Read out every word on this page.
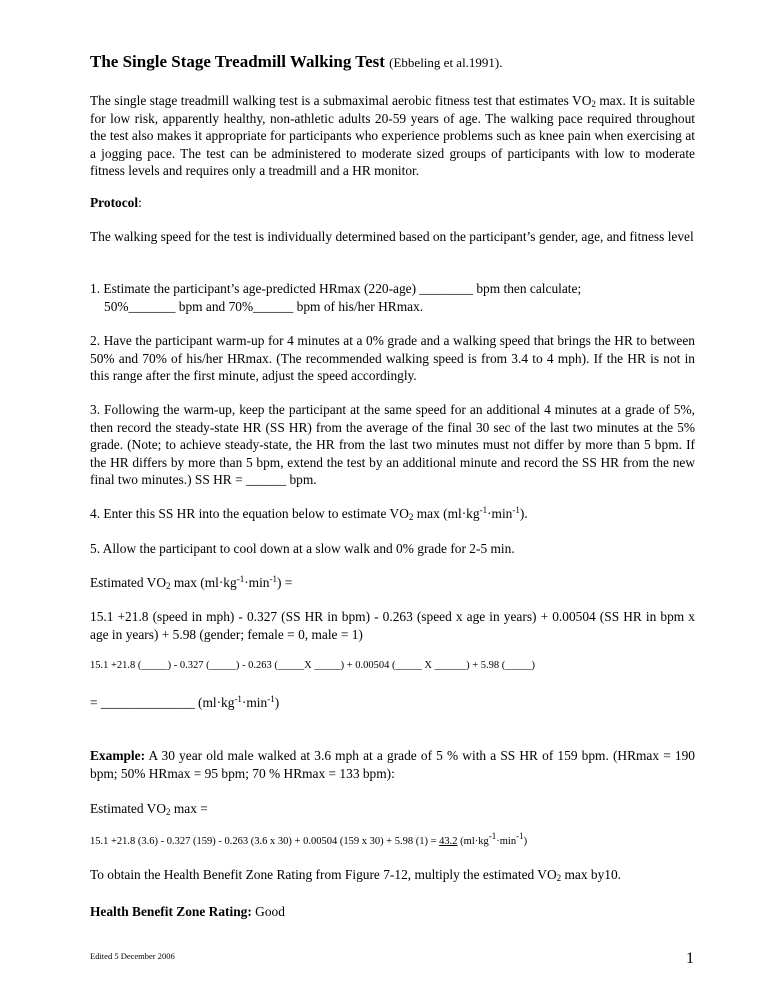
The Single Stage Treadmill Walking Test (Ebbeling et al.1991).

The single stage treadmill walking test is a submaximal aerobic fitness test that estimates $VO_2$ max. It is suitable for low risk, apparently healthy, non-athletic adults 20-59 years of age. The walking pace required throughout the test also makes it appropriate for participants who experience problems such as knee pain when exercising at a jogging pace. The test can be administered to moderate sized groups of participants with low to moderate fitness levels and requires only a treadmill and a HR monitor.

Protocol:

The walking speed for the test is individually determined based on the participant’s gender, age, and fitness level

1. Estimate the participant’s age-predicted HRmax (220-age) ________ bpm then calculate;

50%_______ bpm and 70%______ bpm of his/her HRmax.

2. Have the participant warm-up for 4 minutes at a 0% grade and a walking speed that brings the HR to between 50% and 70% of his/her HRmax. (The recommended walking speed is from 3.4 to 4 mph). If the HR is not in this range after the first minute, adjust the speed accordingly.

3. Following the warm-up, keep the participant at the same speed for an additional 4 minutes at a grade of 5%, then record the steady-state HR (SS HR) from the average of the final 30 sec of the last two minutes at the 5% grade. (Note; to achieve steady-state, the HR from the last two minutes must not differ by more than 5 bpm. If the HR differs by more than 5 bpm, extend the test by an additional minute and record the SS HR from the new final two minutes.) SS HR = ______ bpm.

4. Enter this SS HR into the equation below to estimate $VO_2$ $\max (ml\cdot kg^{-1}\cdot\min^{-1})$.

5. Allow the participant to cool down at a slow walk and 0% grade for 2-5 min.

Estimated $VO_2$ $\max (ml\cdot kg^{-1}\cdot\min^{-1})$ =

15.1 +21.8 (speed in mph) - 0.327 (SS HR in bpm) - 0.263 (speed x age in years) + 0.00504 (SS HR in bpm x age in years) + 5.98 (gender; female = 0, male = 1)

15.1 +21.8 (_____) - 0.327 (_____) - 0.263 (_____X _____) + 0.00504 (_____ X ______) + 5.98 (_____)

= ______________ $(ml\cdot kg^{-1}\cdot\min^{-1})$

Example: A 30 year old male walked at 3.6 mph at a grade of 5 % with a SS HR of 159 bpm. (HRmax = 190 bpm; 50% HRmax = 95 bpm; 70 % HRmax = 133 bpm):

Estimated $VO_2$ max =

15.1 +21.8 (3.6) - 0.327 (159) - 0.263 (3.6 x 30) + 0.00504 (159 x 30) + 5.98 (1) = 43.2 $(ml\cdot kg^{-1}\cdot\min^{-1})$

To obtain the Health Benefit Zone Rating from Figure 7-12, multiply the estimated $VO_2$ max by10.

Health Benefit Zone Rating: Good

Edited 5 December 2006	1
